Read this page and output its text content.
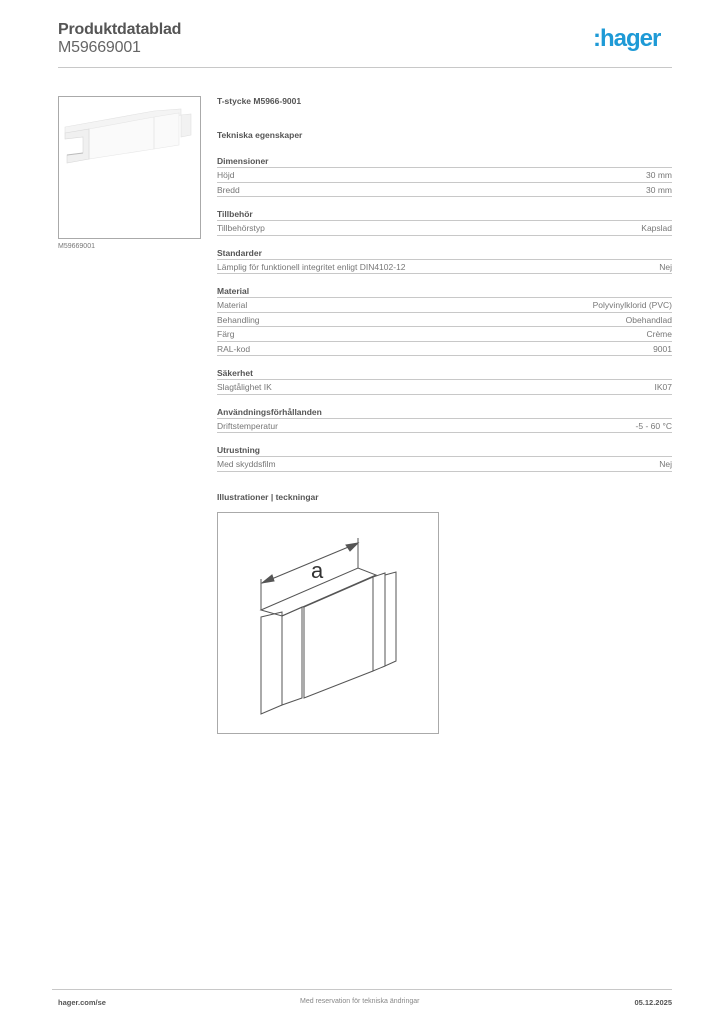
Produktdatablad
M59669001	:hager
M59669001
T-stycke M5966-9001
Tekniska egenskaper
Dimensioner
Höjd	30 mm
Bredd	30 mm
Tillbehör
Tillbehörstyp	Kapslad
Standarder
Lämplig för funktionell integritet enligt DIN4102-12	Nej
Material
Material	Polyvinylklorid (PVC)
Behandling	Obehandlad
Färg	Crème
RAL-kod	9001
Säkerhet
Slagtålighet IK	IK07
Användningsförhållanden
Driftstemperatur	-5 - 60 °C
Utrustning
Med skyddsfilm	Nej
Illustrationer | teckningar
a
hager.com/se	Med reservation för tekniska ändringar	05.12.2025
